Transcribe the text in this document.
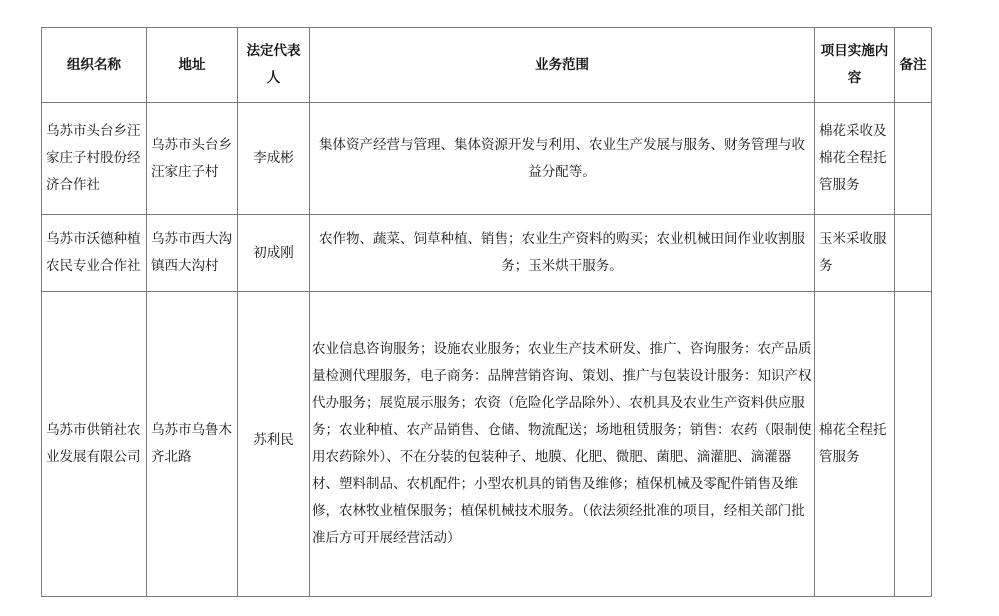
组织名称	地址	法定代表人	业务范围	项目实施内容	备注
乌苏市头台乡汪家庄子村股份经济合作社	乌苏市头台乡汪家庄子村	李成彬	集体资产经营与管理、集体资源开发与利用、农业生产发展与服务、财务管理与收益分配等。	棉花采收及棉花全程托管服务	
乌苏市沃德种植农民专业合作社	乌苏市西大沟镇西大沟村	初成刚	农作物、蔬菜、饲草种植、销售；农业生产资料的购买；农业机械田间作业收割服务；玉米烘干服务。	玉米采收服务	
乌苏市供销社农业发展有限公司	乌苏市乌鲁木齐北路	苏利民	农业信息咨询服务；设施农业服务；农业生产技术研发、推广、咨询服务：农产品质量检测代理服务，电子商务：品牌营销咨询、策划、推广与包装设计服务：知识产权代办服务；展览展示服务；农资（危险化学品除外）、农机具及农业生产资料供应服务；农业种植、农产品销售、仓储、物流配送；场地租赁服务；销售：农药（限制使用农药除外）、不在分装的包装种子、地膜、化肥、微肥、菌肥、滴灌肥、滴灌器材、塑料制品、农机配件；小型农机具的销售及维修；植保机械及零配件销售及维修，农林牧业植保服务；植保机械技术服务。（依法须经批准的项目，经相关部门批准后方可开展经营活动）	棉花全程托管服务	
